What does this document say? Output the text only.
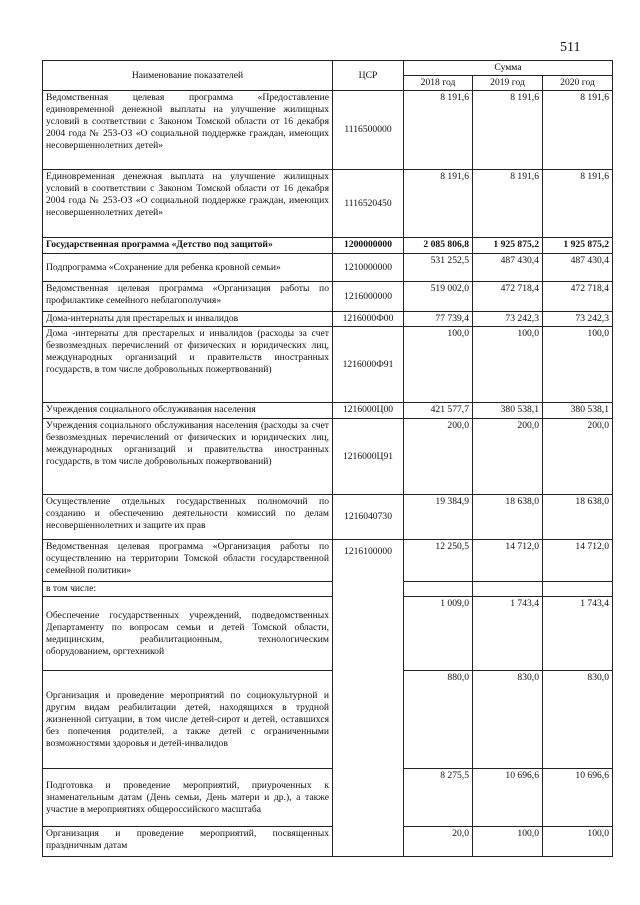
511
Наименование показателей	ЦСР	Сумма		
		2018 год	2019 год	2020 год
Ведомственная целевая программа «Предоставление единовременной денежной выплаты на улучшение жилищных условий в соответствии с Законом Томской области от 16 декабря 2004 года № 253-ОЗ «О социальной поддержке граждан, имеющих несовершеннолетних детей»	1116500000	8 191,6	8 191,6	8 191,6
Единовременная денежная выплата на улучшение жилищных условий в соответствии с Законом Томской области от 16 декабря 2004 года № 253-ОЗ «О социальной поддержке граждан, имеющих несовершеннолетних детей»	1116520450	8 191,6	8 191,6	8 191,6
Государственная программа «Детство под защитой»	1200000000	2 085 806,8	1 925 875,2	1 925 875,2
Подпрограмма «Сохранение для ребенка кровной семьи»	1210000000	531 252,5	487 430,4	487 430,4
Ведомственная целевая программа «Организация работы по профилактике семейного неблагополучия»	1216000000	519 002,0	472 718,4	472 718,4
Дома-интернаты для престарелых и инвалидов	1216000Ф00	77 739,4	73 242,3	73 242,3
Дома -интернаты для престарелых и инвалидов (расходы за счет безвозмездных перечислений от физических и юридических лиц, международных организаций и правительств иностранных государств, в том числе добровольных пожертвований)	1216000Ф91	100,0	100,0	100,0
Учреждения социального обслуживания населения	1216000Ц00	421 577,7	380 538,1	380 538,1
Учреждения социального обслуживания населения (расходы за счет безвозмездных перечислений от физических и юридических лиц, международных организаций и правительства иностранных государств, в том числе добровольных пожертвований)	1216000Ц91	200,0	200,0	200,0
Осуществление отдельных государственных полномочий по созданию и обеспечению деятельности комиссий по делам несовершеннолетних и защите их прав	1216040730	19 384,9	18 638,0	18 638,0
Ведомственная целевая программа «Организация работы по осуществлению на территории Томской области государственной семейной политики»	1216100000	12 250,5	14 712,0	14 712,0
в том числе:				
Обеспечение государственных учреждений, подведомственных Департаменту по вопросам семьи и детей Томской области, медицинским, реабилитационным, технологическим оборудованием, оргтехникой		1 009,0	1 743,4	1 743,4
Организация и проведение мероприятий по социокультурной и другим видам реабилитации детей, находящихся в трудной жизненной ситуации, в том числе детей-сирот и детей, оставшихся без попечения родителей, а также детей с ограниченными возможностями здоровья и детей-инвалидов		880,0	830,0	830,0
Подготовка и проведение мероприятий, приуроченных к знаменательным датам (День семьи, День матери и др.), а также участие в мероприятиях общероссийского масштаба		8 275,5	10 696,6	10 696,6
Организация и проведение мероприятий, посвященных праздничным датам		20,0	100,0	100,0
